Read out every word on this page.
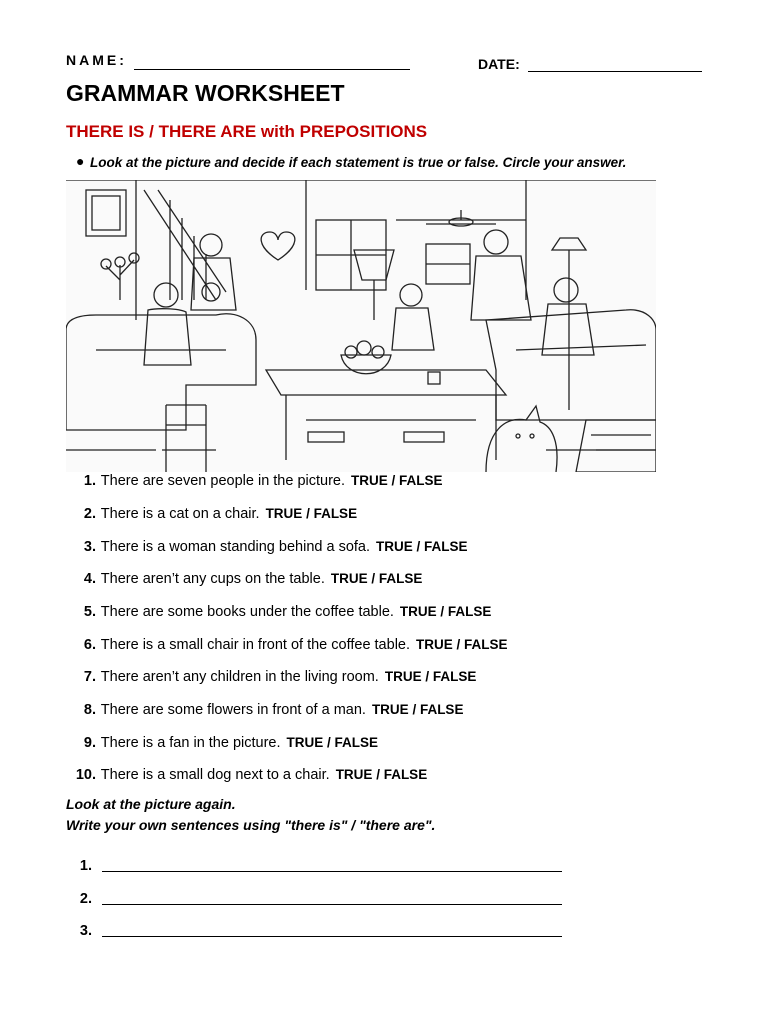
NAME:	DATE:
GRAMMAR WORKSHEET
THERE IS / THERE ARE with PREPOSITIONS
● Look at the picture and decide if each statement is true or false. Circle your answer.
1. There are seven people in the picture. TRUE / FALSE
2. There is a cat on a chair. TRUE / FALSE
3. There is a woman standing behind a sofa. TRUE / FALSE
4. There aren’t any cups on the table. TRUE / FALSE
5. There are some books under the coffee table. TRUE / FALSE
6. There is a small chair in front of the coffee table. TRUE / FALSE
7. There aren’t any children in the living room. TRUE / FALSE
8. There are some flowers in front of a man. TRUE / FALSE
9. There is a fan in the picture. TRUE / FALSE
10. There is a small dog next to a chair. TRUE / FALSE
Look at the picture again.
Write your own sentences using "there is" / "there are".
1.
2.
3.
